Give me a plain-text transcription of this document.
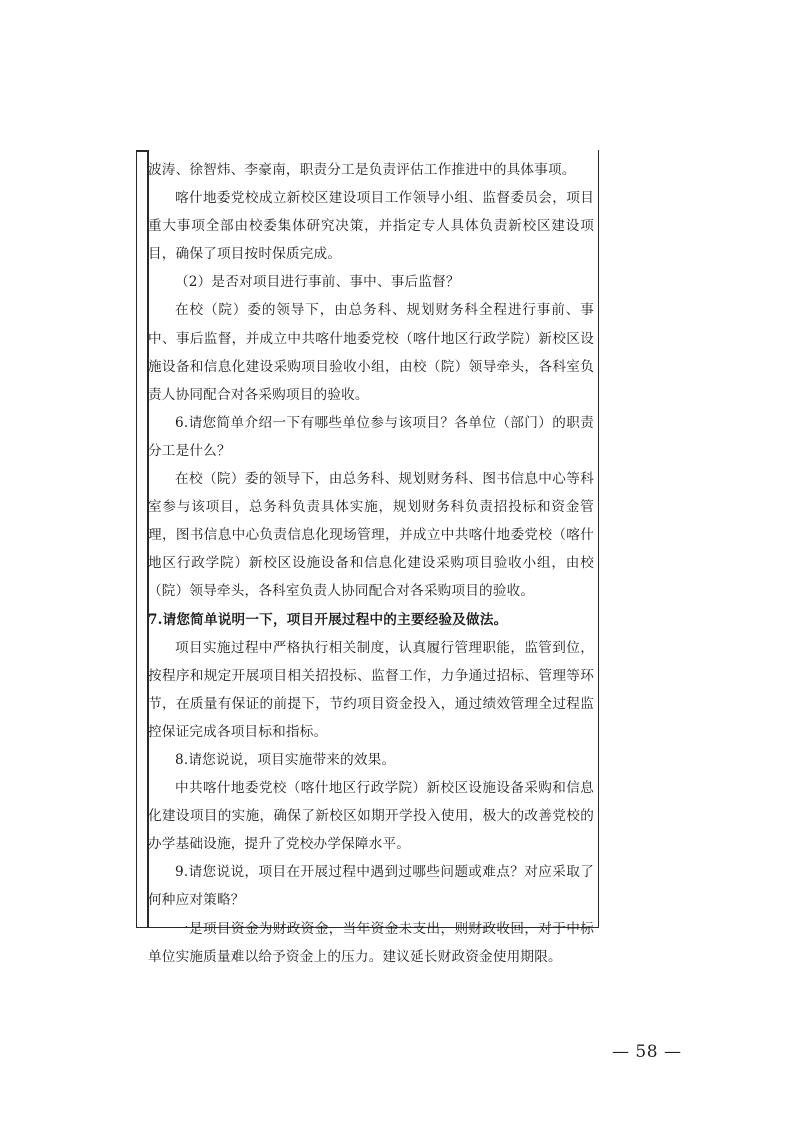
波涛、徐智炜、李豪南，职责分工是负责评估工作推进中的具体事项。

喀什地委党校成立新校区建设项目工作领导小组、监督委员会，项目重大事项全部由校委集体研究决策，并指定专人具体负责新校区建设项目，确保了项目按时保质完成。

（2）是否对项目进行事前、事中、事后监督？

在校（院）委的领导下，由总务科、规划财务科全程进行事前、事中、事后监督，并成立中共喀什地委党校（喀什地区行政学院）新校区设施设备和信息化建设采购项目验收小组，由校（院）领导牵头，各科室负责人协同配合对各采购项目的验收。

6.请您简单介绍一下有哪些单位参与该项目？各单位（部门）的职责分工是什么？

在校（院）委的领导下，由总务科、规划财务科、图书信息中心等科室参与该项目，总务科负责具体实施，规划财务科负责招投标和资金管理，图书信息中心负责信息化现场管理，并成立中共喀什地委党校（喀什地区行政学院）新校区设施设备和信息化建设采购项目验收小组，由校（院）领导牵头，各科室负责人协同配合对各采购项目的验收。

7.请您简单说明一下，项目开展过程中的主要经验及做法。

项目实施过程中严格执行相关制度，认真履行管理职能，监管到位，按程序和规定开展项目相关招投标、监督工作，力争通过招标、管理等环节，在质量有保证的前提下，节约项目资金投入，通过绩效管理全过程监控保证完成各项目标和指标。

8.请您说说，项目实施带来的效果。

中共喀什地委党校（喀什地区行政学院）新校区设施设备采购和信息化建设项目的实施，确保了新校区如期开学投入使用，极大的改善党校的办学基础设施，提升了党校办学保障水平。

9.请您说说，项目在开展过程中遇到过哪些问题或难点？对应采取了何种应对策略？

一是项目资金为财政资金，当年资金未支出，则财政收回，对于中标单位实施质量难以给予资金上的压力。建议延长财政资金使用期限。

— 58 —
